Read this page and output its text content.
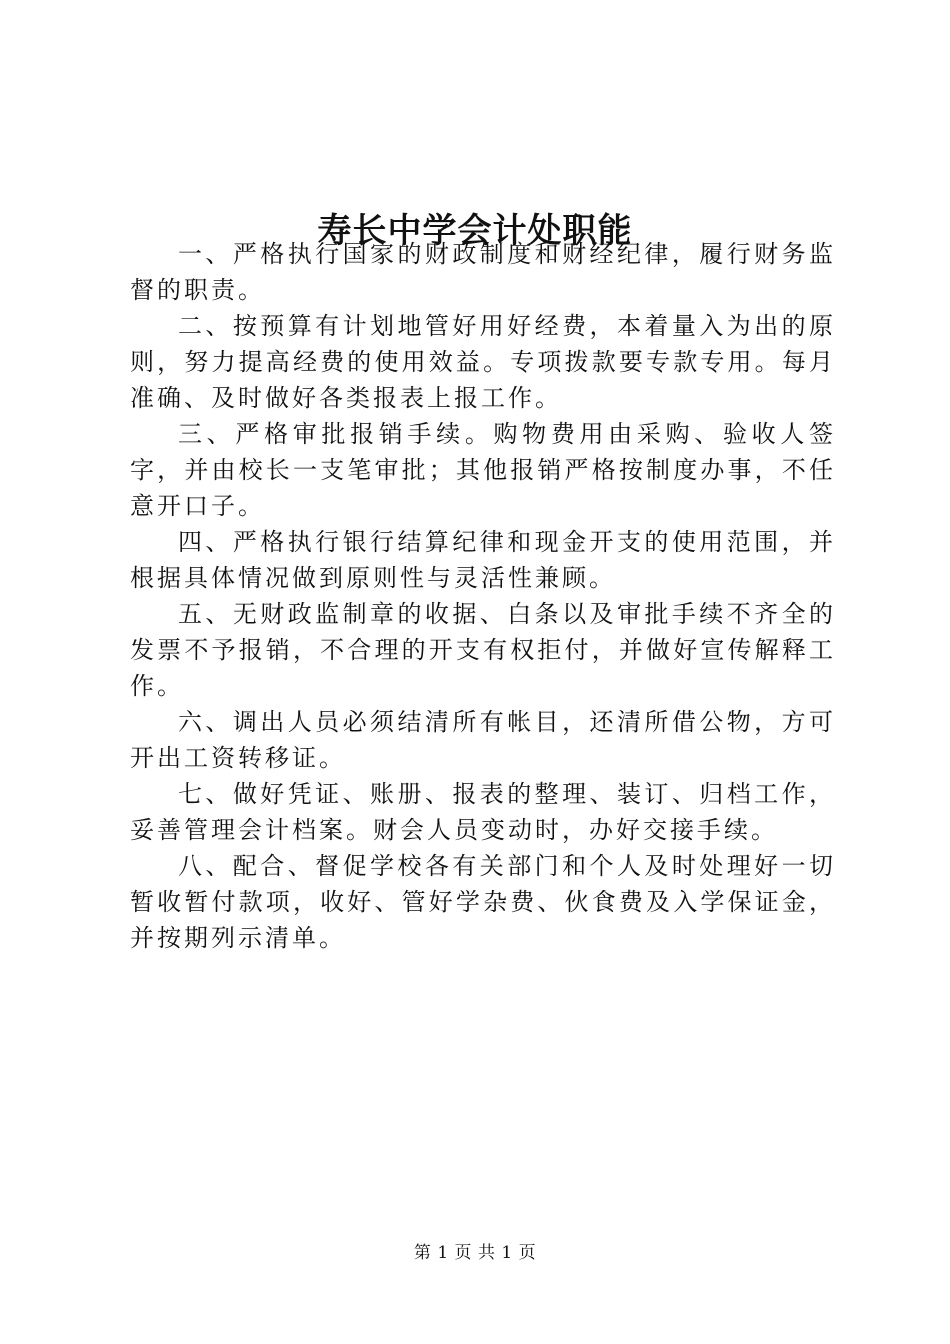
寿长中学会计处职能

一、严格执行国家的财政制度和财经纪律，履行财务监督的职责。

二、按预算有计划地管好用好经费，本着量入为出的原则，努力提高经费的使用效益。专项拨款要专款专用。每月准确、及时做好各类报表上报工作。

三、严格审批报销手续。购物费用由采购、验收人签字，并由校长一支笔审批；其他报销严格按制度办事，不任意开口子。

四、严格执行银行结算纪律和现金开支的使用范围，并根据具体情况做到原则性与灵活性兼顾。

五、无财政监制章的收据、白条以及审批手续不齐全的发票不予报销，不合理的开支有权拒付，并做好宣传解释工作。

六、调出人员必须结清所有帐目，还清所借公物，方可开出工资转移证。

七、做好凭证、账册、报表的整理、装订、归档工作，妥善管理会计档案。财会人员变动时，办好交接手续。

八、配合、督促学校各有关部门和个人及时处理好一切暂收暂付款项，收好、管好学杂费、伙食费及入学保证金，并按期列示清单。

第 1 页 共 1 页
